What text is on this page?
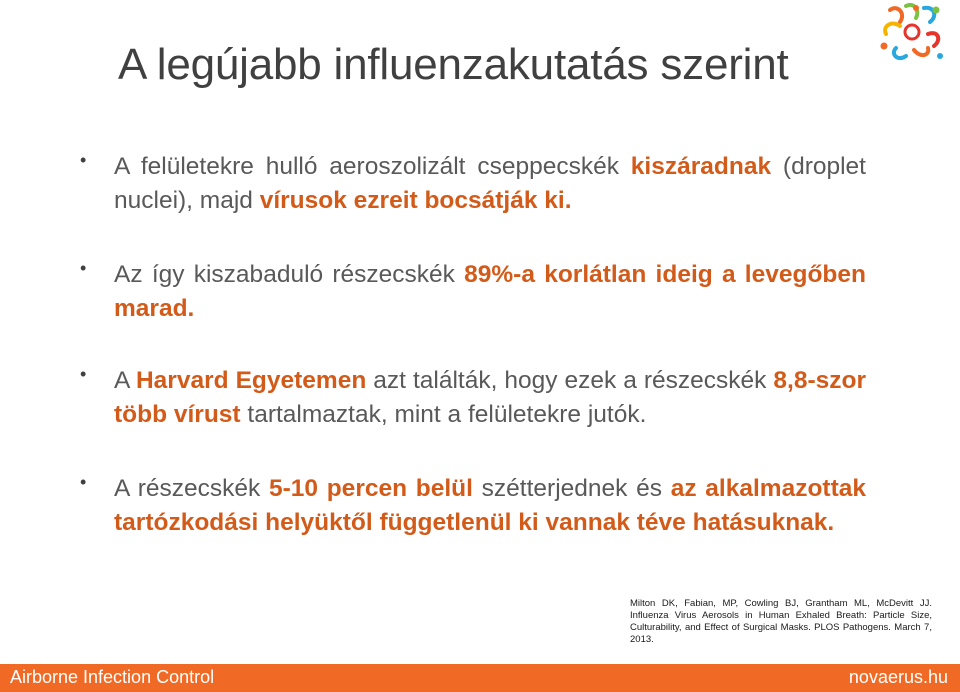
A legújabb influenzakutatás szerint
•	A felületekre hulló aeroszolizált cseppecskék kiszáradnak (droplet nuclei), majd vírusok ezreit bocsátják ki.
•	Az így kiszabaduló részecskék 89%-a korlátlan ideig a levegőben marad.
•	A Harvard Egyetemen azt találták, hogy ezek a részecskék 8,8-szor több vírust tartalmaztak, mint a felületekre jutók.
•	A részecskék 5-10 percen belül szétterjednek és az alkalmazottak tartózkodási helyüktől függetlenül ki vannak téve hatásuknak.
Milton DK, Fabian, MP, Cowling BJ, Grantham ML, McDevitt JJ. Influenza Virus Aerosols in Human Exhaled Breath: Particle Size, Culturability, and Effect of Surgical Masks. PLOS Pathogens. March 7, 2013.
Airborne Infection Control	novaerus.hu
